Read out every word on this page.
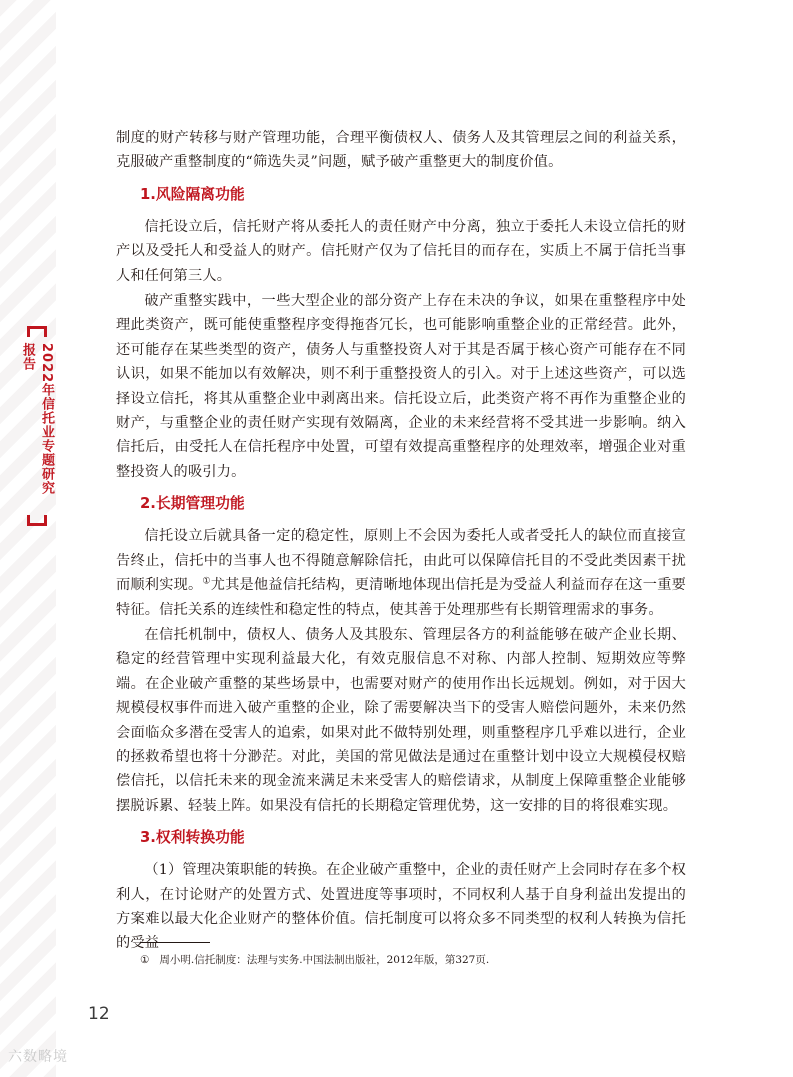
2022年信托业专题研究报告

制度的财产转移与财产管理功能，合理平衡债权人、债务人及其管理层之间的利益关系，克服破产重整制度的“筛选失灵”问题，赋予破产重整更大的制度价值。

1.风险隔离功能

信托设立后，信托财产将从委托人的责任财产中分离，独立于委托人未设立信托的财产以及受托人和受益人的财产。信托财产仅为了信托目的而存在，实质上不属于信托当事人和任何第三人。

破产重整实践中，一些大型企业的部分资产上存在未决的争议，如果在重整程序中处理此类资产，既可能使重整程序变得拖沓冗长，也可能影响重整企业的正常经营。此外，还可能存在某些类型的资产，债务人与重整投资人对于其是否属于核心资产可能存在不同认识，如果不能加以有效解决，则不利于重整投资人的引入。对于上述这些资产，可以选择设立信托，将其从重整企业中剥离出来。信托设立后，此类资产将不再作为重整企业的财产，与重整企业的责任财产实现有效隔离，企业的未来经营将不受其进一步影响。纳入信托后，由受托人在信托程序中处置，可望有效提高重整程序的处理效率，增强企业对重整投资人的吸引力。

2.长期管理功能

信托设立后就具备一定的稳定性，原则上不会因为委托人或者受托人的缺位而直接宣告终止，信托中的当事人也不得随意解除信托，由此可以保障信托目的不受此类因素干扰而顺利实现。①尤其是他益信托结构，更清晰地体现出信托是为受益人利益而存在这一重要特征。信托关系的连续性和稳定性的特点，使其善于处理那些有长期管理需求的事务。

在信托机制中，债权人、债务人及其股东、管理层各方的利益能够在破产企业长期、稳定的经营管理中实现利益最大化，有效克服信息不对称、内部人控制、短期效应等弊端。在企业破产重整的某些场景中，也需要对财产的使用作出长远规划。例如，对于因大规模侵权事件而进入破产重整的企业，除了需要解决当下的受害人赔偿问题外，未来仍然会面临众多潜在受害人的追索，如果对此不做特别处理，则重整程序几乎难以进行，企业的拯救希望也将十分渺茫。对此，美国的常见做法是通过在重整计划中设立大规模侵权赔偿信托，以信托未来的现金流来满足未来受害人的赔偿请求，从制度上保障重整企业能够摆脱诉累、轻装上阵。如果没有信托的长期稳定管理优势，这一安排的目的将很难实现。

3.权利转换功能

（1）管理决策职能的转换。在企业破产重整中，企业的责任财产上会同时存在多个权利人，在讨论财产的处置方式、处置进度等事项时，不同权利人基于自身利益出发提出的方案难以最大化企业财产的整体价值。信托制度可以将众多不同类型的权利人转换为信托的受益

① 周小明.信托制度：法理与实务.中国法制出版社，2012年版，第327页.
12
六数略境
